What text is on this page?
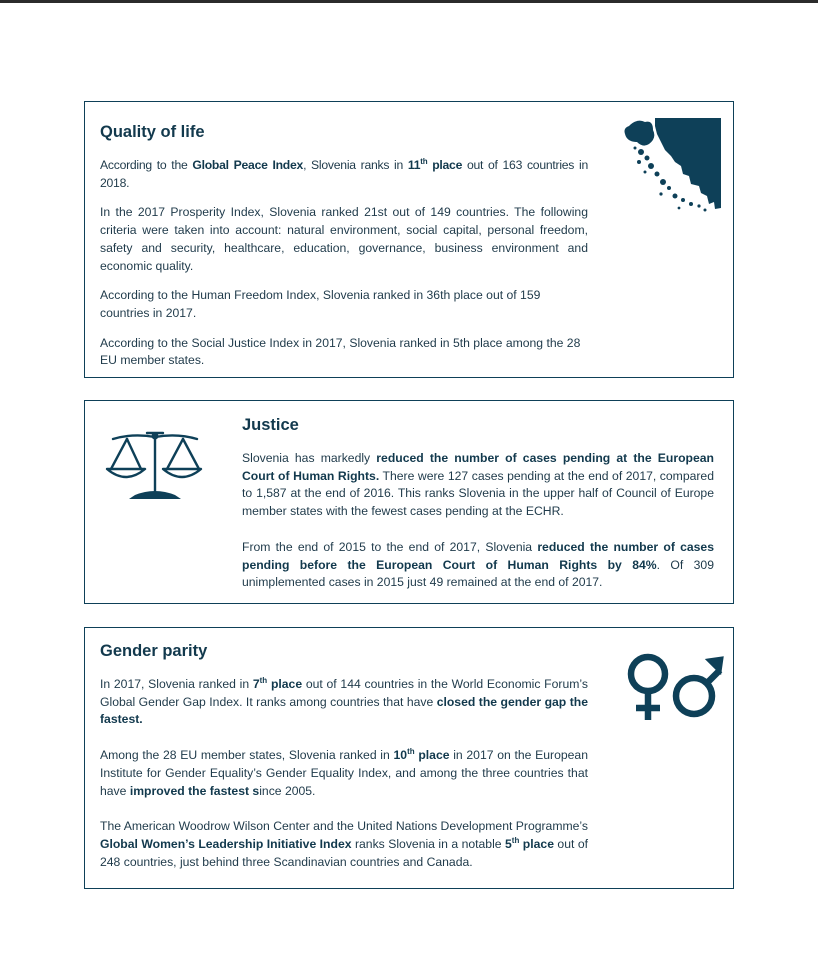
Quality of life

According to the Global Peace Index, Slovenia ranks in 11th place out of 163 countries in 2018.

In the 2017 Prosperity Index, Slovenia ranked 21st out of 149 countries. The following criteria were taken into account: natural environment, social capital, personal freedom, safety and security, healthcare, education, governance, business environment and economic quality.

According to the Human Freedom Index, Slovenia ranked in 36th place out of 159 countries in 2017.

According to the Social Justice Index in 2017, Slovenia ranked in 5th place among the 28 EU member states.

Justice

Slovenia has markedly reduced the number of cases pending at the European Court of Human Rights. There were 127 cases pending at the end of 2017, compared to 1,587 at the end of 2016. This ranks Slovenia in the upper half of Council of Europe member states with the fewest cases pending at the ECHR.

From the end of 2015 to the end of 2017, Slovenia reduced the number of cases pending before the European Court of Human Rights by 84%. Of 309 unimplemented cases in 2015 just 49 remained at the end of 2017.

Gender parity

In 2017, Slovenia ranked in 7th place out of 144 countries in the World Economic Forum’s Global Gender Gap Index. It ranks among countries that have closed the gender gap the fastest.

Among the 28 EU member states, Slovenia ranked in 10th place in 2017 on the European Institute for Gender Equality’s Gender Equality Index, and among the three countries that have improved the fastest since 2005.

The American Woodrow Wilson Center and the United Nations Development Programme’s Global Women’s Leadership Initiative Index ranks Slovenia in a notable 5th place out of 248 countries, just behind three Scandinavian countries and Canada.
